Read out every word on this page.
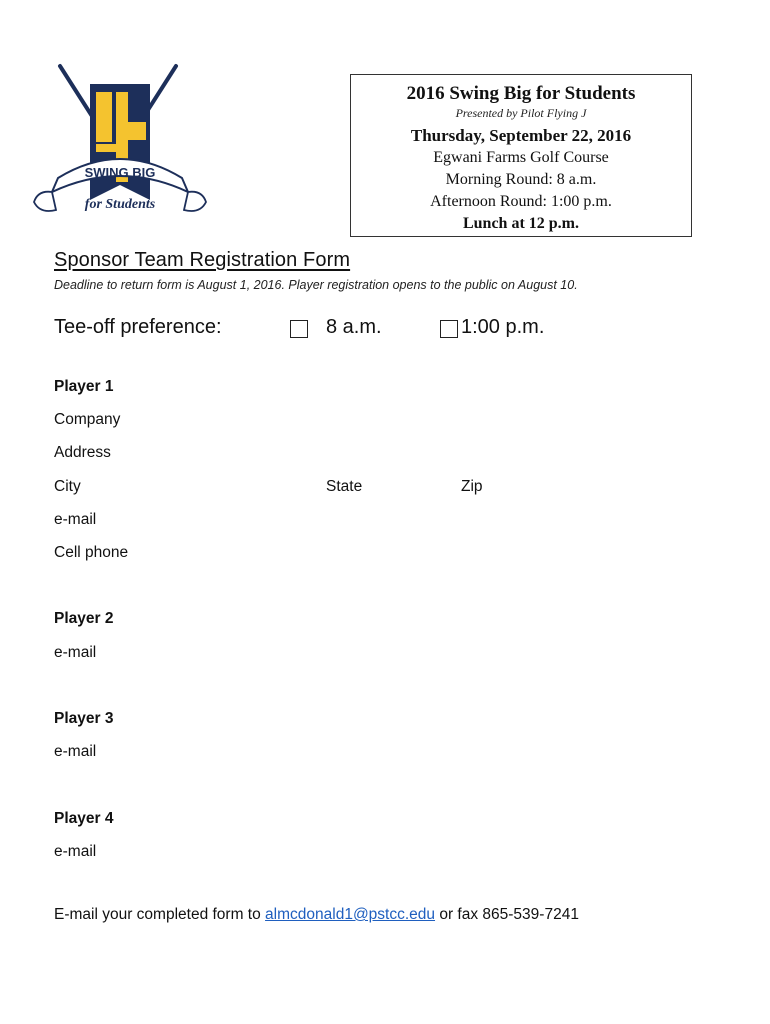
SWING BIG
for Students
2016 Swing Big for Students
Presented by Pilot Flying J
Thursday, September 22, 2016
Egwani Farms Golf Course
Morning Round: 8 a.m.
Afternoon Round: 1:00 p.m.
Lunch at 12 p.m.
Sponsor Team Registration Form
Deadline to return form is August 1, 2016. Player registration opens to the public on August 10.
Tee-off preference:	8 a.m.	1:00 p.m.
Player 1
Company
Address
City	State	Zip
e-mail
Cell phone
Player 2
e-mail
Player 3
e-mail
Player 4
e-mail
E-mail your completed form to almcdonald1@pstcc.edu or fax 865-539-7241
